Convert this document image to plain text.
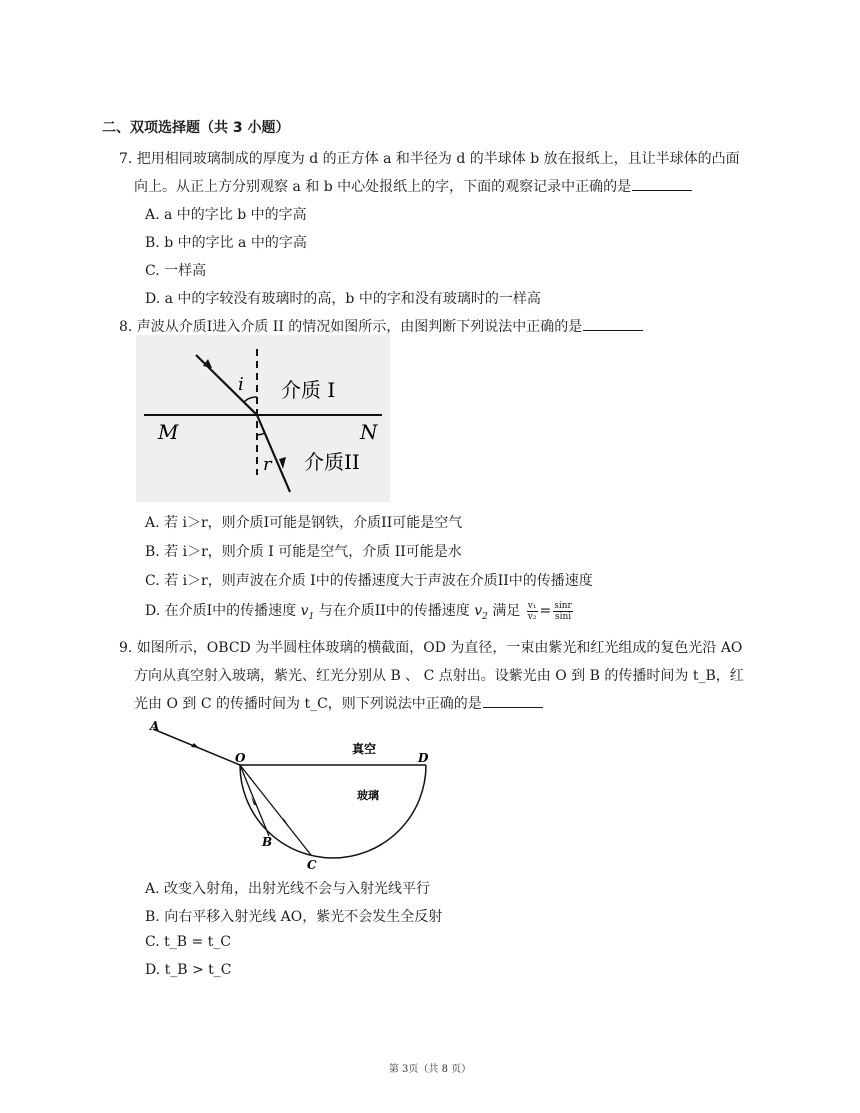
二、双项选择题（共 3 小题）
7. 把用相同玻璃制成的厚度为 d 的正方体 a 和半径为 d 的半球体 b 放在报纸上，且让半球体的凸面
向上。从正上方分别观察 a 和 b 中心处报纸上的字，下面的观察记录中正确的是
A. a 中的字比 b 中的字高
B. b 中的字比 a 中的字高
C. 一样高
D. a 中的字较没有玻璃时的高，b 中的字和没有玻璃时的一样高
8. 声波从介质I进入介质 II 的情况如图所示，由图判断下列说法中正确的是
i
r
介质 I
介质II
M	N
A. 若 i＞r，则介质I可能是钢铁，介质II可能是空气
B. 若 i＞r，则介质 I 可能是空气，介质 II可能是水
C. 若 i＞r，则声波在介质 I中的传播速度大于声波在介质II中的传播速度
D. 在介质I中的传播速度 $v_1$ 与在介质II中的传播速度 $v_2$ 满足 $\frac{\text{v₁}}{\text{v₂}} = \frac{\sin r}{\sin i}$
9. 如图所示，OBCD 为半圆柱体玻璃的横截面，OD 为直径，一束由紫光和红光组成的复色光沿 AO
方向从真空射入玻璃，紫光、红光分别从 B 、 C 点射出。设紫光由 O 到 B 的传播时间为 t_B，红
光由 O 到 C 的传播时间为 t_C，则下列说法中正确的是
A
O	D
B
C
真空
玻璃
A. 改变入射角，出射光线不会与入射光线平行
B. 向右平移入射光线 AO，紫光不会发生全反射
C. t_B = t_C
D. t_B > t_C
第 3页（共 8 页）
